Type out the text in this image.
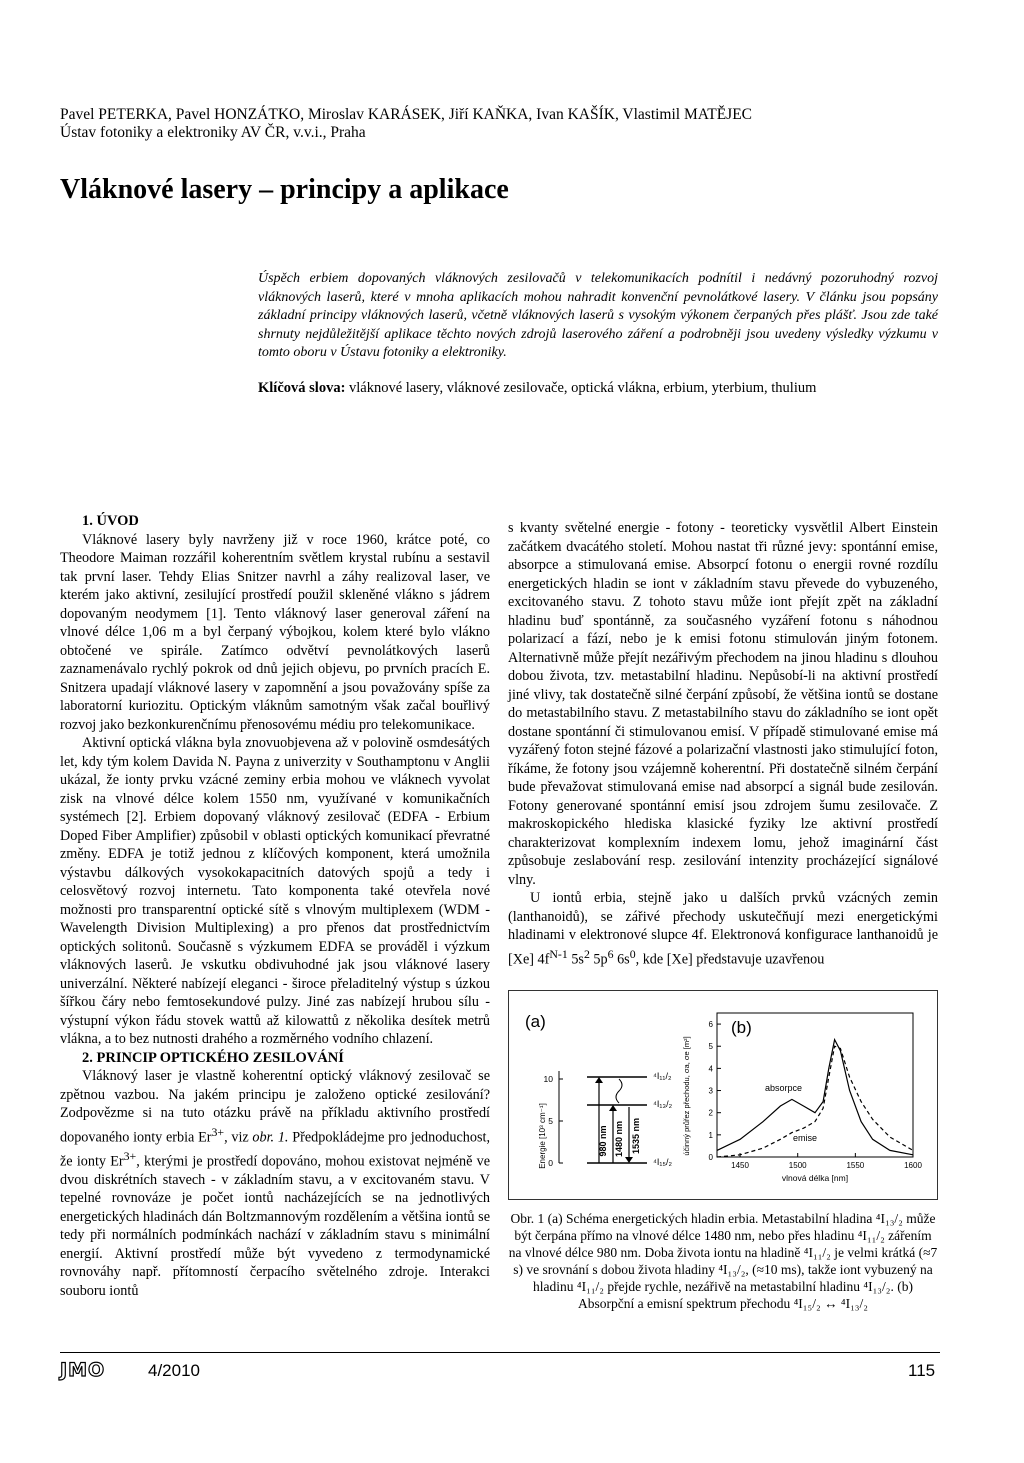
Pavel PETERKA, Pavel HONZÁTKO, Miroslav KARÁSEK, Jiří KAŇKA, Ivan KAŠÍK, Vlastimil MATĚJEC
Ústav fotoniky a elektroniky AV ČR, v.v.i., Praha
Vláknové lasery – principy a aplikace
Úspěch erbiem dopovaných vláknových zesilovačů v telekomunikacích podnítil i nedávný pozoruhodný rozvoj vláknových laserů, které v mnoha aplikacích mohou nahradit konvenční pevnolátkové lasery. V článku jsou popsány základní principy vláknových laserů, včetně vláknových laserů s vysokým výkonem čerpaných přes plášť. Jsou zde také shrnuty nejdůležitější aplikace těchto nových zdrojů laserového záření a podrobněji jsou uvedeny výsledky výzkumu v tomto oboru v Ústavu fotoniky a elektroniky.
Klíčová slova: vláknové lasery, vláknové zesilovače, optická vlákna, erbium, yterbium, thulium

1. ÚVOD

Vláknové lasery byly navrženy již v roce 1960, krátce poté, co Theodore Maiman rozzářil koherentním světlem krystal rubínu a sestavil tak první laser. Tehdy Elias Snitzer navrhl a záhy realizoval laser, ve kterém jako aktivní, zesilující prostředí použil skleněné vlákno s jádrem dopovaným neodymem [1]. Tento vláknový laser generoval záření na vlnové délce 1,06 m a byl čerpaný výbojkou, kolem které bylo vlákno obtočené ve spirále. Zatímco odvětví pevnolátkových laserů zaznamenávalo rychlý pokrok od dnů jejich objevu, po prvních pracích E. Snitzera upadají vláknové lasery v zapomnění a jsou považovány spíše za laboratorní kuriozitu. Optickým vláknům samotným však začal bouřlivý rozvoj jako bezkonkurenčnímu přenosovému médiu pro telekomunikace.

Aktivní optická vlákna byla znovuobjevena až v polovině osmdesátých let, kdy tým kolem Davida N. Payna z univerzity v Southamptonu v Anglii ukázal, že ionty prvku vzácné zeminy erbia mohou ve vláknech vyvolat zisk na vlnové délce kolem 1550 nm, využívané v komunikačních systémech [2]. Erbiem dopovaný vláknový zesilovač (EDFA - Erbium Doped Fiber Amplifier) způsobil v oblasti optických komunikací převratné změny. EDFA je totiž jednou z klíčových komponent, která umožnila výstavbu dálkových vysokokapacitních datových spojů a tedy i celosvětový rozvoj internetu. Tato komponenta také otevřela nové možnosti pro transparentní optické sítě s vlnovým multiplexem (WDM - Wavelength Division Multiplexing) a pro přenos dat prostřednictvím optických solitonů. Současně s výzkumem EDFA se prováděl i výzkum vláknových laserů. Je vskutku obdivuhodné jak jsou vláknové lasery univerzální. Některé nabízejí eleganci - široce přeladitelný výstup s úzkou šířkou čáry nebo femtosekundové pulzy. Jiné zas nabízejí hrubou sílu - výstupní výkon řádu stovek wattů až kilowattů z několika desítek metrů vlákna, a to bez nutnosti drahého a rozměrného vodního chlazení.

2. PRINCIP OPTICKÉHO ZESILOVÁNÍ

Vláknový laser je vlastně koherentní optický vláknový zesilovač se zpětnou vazbou. Na jakém principu je založeno optické zesilování? Zodpovězme si na tuto otázku právě na příkladu aktivního prostředí dopovaného ionty erbia $Er^{3+}$, viz obr. 1. Předpokládejme pro jednoduchost, že ionty $Er^{3+}$, kterými je prostředí dopováno, mohou existovat nejméně ve dvou diskrétních stavech - v základním stavu, a v excitovaném stavu. V tepelné rovnováze je počet iontů nacházejících se na jednotlivých energetických hladinách dán Boltzmannovým rozdělením a většina iontů se tedy při normálních podmínkách nachází v základním stavu s minimální energií. Aktivní prostředí může být vyvedeno z termodynamické rovnováhy např. přítomností čerpacího světelného zdroje. Interakci souboru iontů

s kvanty světelné energie - fotony - teoreticky vysvětlil Albert Einstein začátkem dvacátého století. Mohou nastat tři různé jevy: spontánní emise, absorpce a stimulovaná emise. Absorpcí fotonu o energii rovné rozdílu energetických hladin se iont v základním stavu převede do vybuzeného, excitovaného stavu. Z tohoto stavu může iont přejít zpět na základní hladinu buď spontánně, za současného vyzáření fotonu s náhodnou polarizací a fází, nebo je k emisi fotonu stimulován jiným fotonem. Alternativně může přejít nezářivým přechodem na jinou hladinu s dlouhou dobou života, tzv. metastabilní hladinu. Nepůsobí-li na aktivní prostředí jiné vlivy, tak dostatečně silné čerpání způsobí, že většina iontů se dostane do metastabilního stavu. Z metastabilního stavu do základního se iont opět dostane spontánní či stimulovanou emisí. V případě stimulované emise má vyzářený foton stejné fázové a polarizační vlastnosti jako stimulující foton, říkáme, že fotony jsou vzájemně koherentní. Při dostatečně silném čerpání bude převažovat stimulovaná emise nad absorpcí a signál bude zesilován. Fotony generované spontánní emisí jsou zdrojem šumu zesilovače. Z makroskopického hlediska klasické fyziky lze aktivní prostředí charakterizovat komplexním indexem lomu, jehož imaginární část způsobuje zeslabování resp. zesilování intenzity procházející signálové vlny.

U iontů erbia, stejně jako u dalších prvků vzácných zemin (lanthanoidů), se zářivé přechody uskutečňují mezi energetickými hladinami v elektronové slupce 4f. Elektronová konfigurace lanthanoidů je [Xe] $4f^{N-1}$ $5s^2$ $5p^6$ $6s^0$, kde [Xe] představuje uzavřenou

(a)
Energie [10³ cm⁻¹] 0
5
10	⁴I₁₁/₂
⁴I₁₃/₂
⁴I₁₅/₂
980 nm 1480 nm 1535 nm	účinný průřez přechodu, σa, σe [m²]
(b)
0
1
2
3
4
5
6
1450	1500	1550	1600
vlnová délka [nm]
absorpce
emise
Obr. 1 (a) Schéma energetických hladin erbia. Metastabilní hladina ⁴I₁₃/₂ může být čerpána přímo na vlnové délce 1480 nm, nebo přes hladinu ⁴I₁₁/₂ zářením na vlnové délce 980 nm. Doba života iontu na hladině ⁴I₁₁/₂ je velmi krátká (≈7 s) ve srovnání s dobou života hladiny ⁴I₁₃/₂, (≈10 ms), takže iont vybuzený na hladinu ⁴I₁₁/₂ přejde rychle, nezářivě na metastabilní hladinu ⁴I₁₃/₂. (b) Absorpční a emisní spektrum přechodu ⁴I₁₅/₂ ↔ ⁴I₁₃/₂
JMO	4/2010	115
